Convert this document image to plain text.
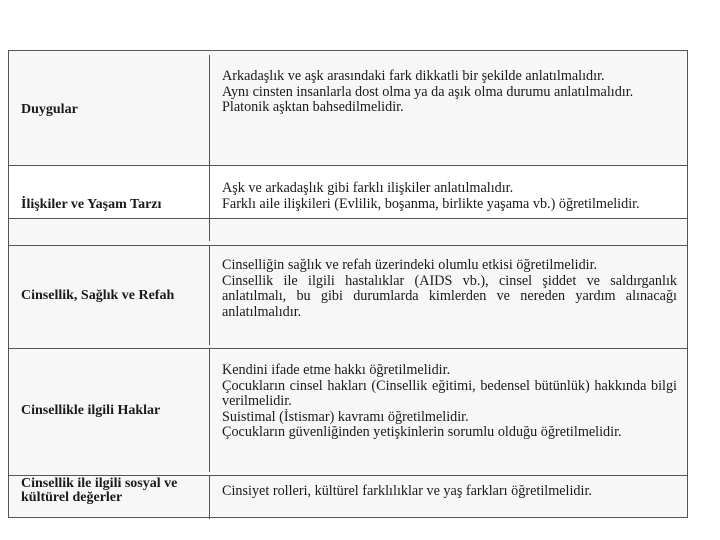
Duygular

Arkadaşlık ve aşk arasındaki fark dikkatli bir şekilde anlatılmalıdır.

Aynı cinsten insanlarla dost olma ya da aşık olma durumu anlatılmalıdır.

Platonik aşktan bahsedilmelidir.

İlişkiler ve Yaşam Tarzı

Aşk ve arkadaşlık gibi farklı ilişkiler anlatılmalıdır.

Farklı aile ilişkileri (Evlilik, boşanma, birlikte yaşama vb.) öğretilmelidir.

Cinsellik, Sağlık ve Refah

Cinselliğin sağlık ve refah üzerindeki olumlu etkisi öğretilmelidir.

Cinsellik ile ilgili hastalıklar (AIDS vb.), cinsel şiddet ve saldırganlık anlatılmalı, bu gibi durumlarda kimlerden ve nereden yardım alınacağı anlatılmalıdır.

Cinsellikle ilgili Haklar

Kendini ifade etme hakkı öğretilmelidir.

Çocukların cinsel hakları (Cinsellik eğitimi, bedensel bütünlük) hakkında bilgi verilmelidir.

Suistimal (İstismar) kavramı öğretilmelidir.

Çocukların güvenliğinden yetişkinlerin sorumlu olduğu öğretilmelidir.

Cinsellik ile ilgili sosyal ve kültürel değerler	Cinsiyet rolleri, kültürel farklılıklar ve yaş farkları öğretilmelidir.
